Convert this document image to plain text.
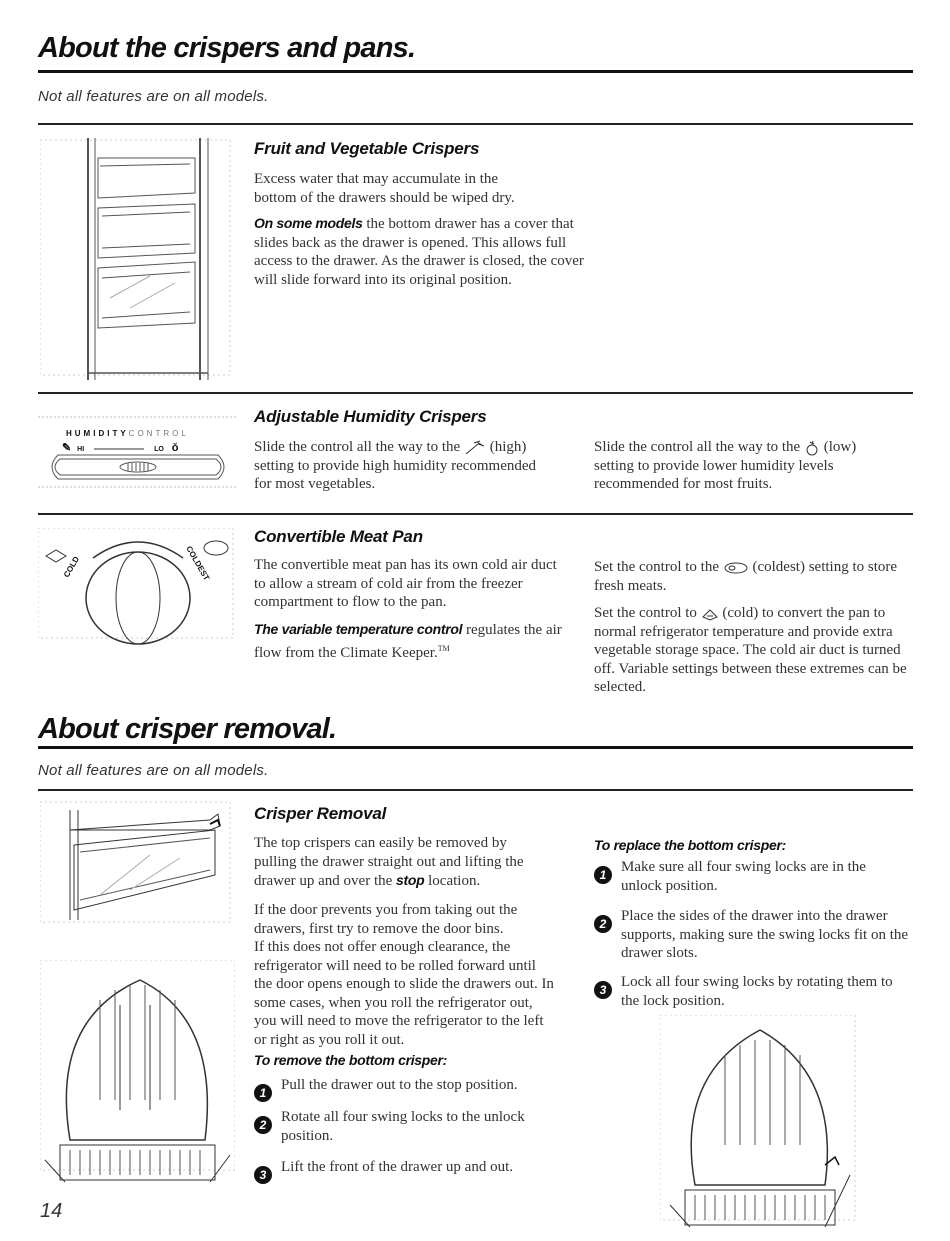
About the crispers and pans.

Not all features are on all models.

Fruit and Vegetable Crispers

Excess water that may accumulate in the bottom of the drawers should be wiped dry.

On some models the bottom drawer has a cover that slides back as the drawer is opened. This allows full access to the drawer. As the drawer is closed, the cover will slide forward into its original position.

HUMIDITYCONTROL
✎ HI	LO ǒ
Adjustable Humidity Crispers

Slide the control all the way to the (high) setting to provide high humidity recommended for most vegetables.

Slide the control all the way to the (low) setting to provide lower humidity levels recommended for most fruits.

COLD	COLDEST
Convertible Meat Pan

The convertible meat pan has its own cold air duct to allow a stream of cold air from the freezer compartment to flow to the pan.

The variable temperature control regulates the air flow from the Climate Keeper.™

Set the control to the (coldest) setting to store fresh meats.

Set the control to (cold) to convert the pan to normal refrigerator temperature and provide extra vegetable storage space. The cold air duct is turned off. Variable settings between these extremes can be selected.

About crisper removal.

Not all features are on all models.

Crisper Removal

The top crispers can easily be removed by pulling the drawer straight out and lifting the drawer up and over the stop location.

If the door prevents you from taking out the drawers, first try to remove the door bins.

If this does not offer enough clearance, the refrigerator will need to be rolled forward until the door opens enough to slide the drawers out. In some cases, when you roll the refrigerator out, you will need to move the refrigerator to the left or right as you roll it out.

To remove the bottom crisper:

1 Pull the drawer out to the stop position.

2 Rotate all four swing locks to the unlock position.

3 Lift the front of the drawer up and out.

To replace the bottom crisper:

1 Make sure all four swing locks are in the unlock position.

2 Place the sides of the drawer into the drawer supports, making sure the swing locks fit on the drawer slots.

3 Lock all four swing locks by rotating them to the lock position.

14
